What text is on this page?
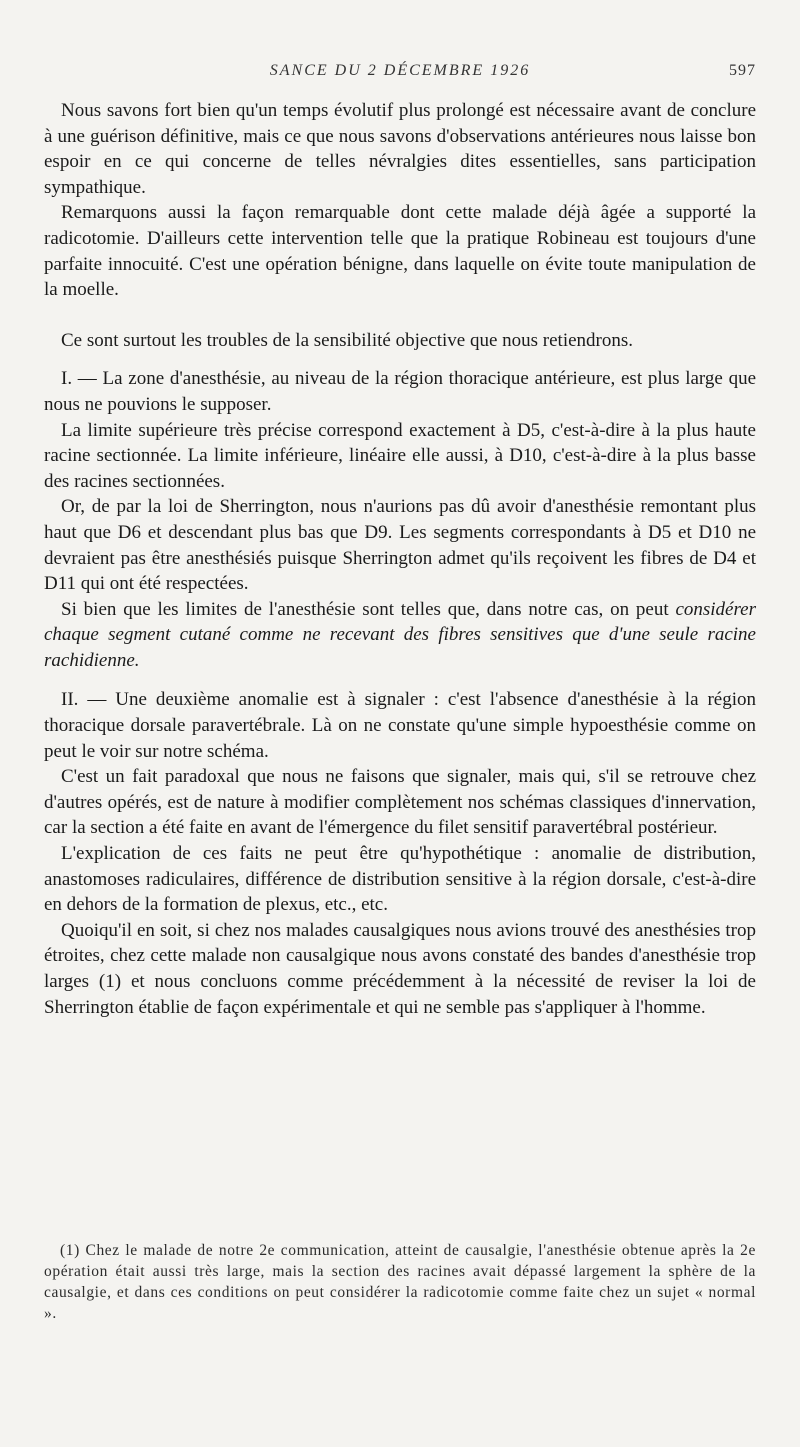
SANCE DU 2 DÉCEMBRE 1926	597

Nous savons fort bien qu'un temps évolutif plus prolongé est nécessaire avant de conclure à une guérison définitive, mais ce que nous savons d'observations antérieures nous laisse bon espoir en ce qui concerne de telles névralgies dites essentielles, sans participation sympathique.

Remarquons aussi la façon remarquable dont cette malade déjà âgée a supporté la radicotomie. D'ailleurs cette intervention telle que la pratique Robineau est toujours d'une parfaite innocuité. C'est une opération bénigne, dans laquelle on évite toute manipulation de la moelle.

Ce sont surtout les troubles de la sensibilité objective que nous retiendrons.

I. — La zone d'anesthésie, au niveau de la région thoracique antérieure, est plus large que nous ne pouvions le supposer.

La limite supérieure très précise correspond exactement à D5, c'est-à-dire à la plus haute racine sectionnée. La limite inférieure, linéaire elle aussi, à D10, c'est-à-dire à la plus basse des racines sectionnées.

Or, de par la loi de Sherrington, nous n'aurions pas dû avoir d'anesthésie remontant plus haut que D6 et descendant plus bas que D9. Les segments correspondants à D5 et D10 ne devraient pas être anesthésiés puisque Sherrington admet qu'ils reçoivent les fibres de D4 et D11 qui ont été respectées.

Si bien que les limites de l'anesthésie sont telles que, dans notre cas, on peut considérer chaque segment cutané comme ne recevant des fibres sensitives que d'une seule racine rachidienne.

II. — Une deuxième anomalie est à signaler : c'est l'absence d'anesthésie à la région thoracique dorsale paravertébrale. Là on ne constate qu'une simple hypoesthésie comme on peut le voir sur notre schéma.

C'est un fait paradoxal que nous ne faisons que signaler, mais qui, s'il se retrouve chez d'autres opérés, est de nature à modifier complètement nos schémas classiques d'innervation, car la section a été faite en avant de l'émergence du filet sensitif paravertébral postérieur.

L'explication de ces faits ne peut être qu'hypothétique : anomalie de distribution, anastomoses radiculaires, différence de distribution sensitive à la région dorsale, c'est-à-dire en dehors de la formation de plexus, etc., etc.

Quoiqu'il en soit, si chez nos malades causalgiques nous avions trouvé des anesthésies trop étroites, chez cette malade non causalgique nous avons constaté des bandes d'anesthésie trop larges (1) et nous concluons comme précédemment à la nécessité de reviser la loi de Sherrington établie de façon expérimentale et qui ne semble pas s'appliquer à l'homme.

(1) Chez le malade de notre 2e communication, atteint de causalgie, l'anesthésie obtenue après la 2e opération était aussi très large, mais la section des racines avait dépassé largement la sphère de la causalgie, et dans ces conditions on peut considérer la radicotomie comme faite chez un sujet « normal ».
